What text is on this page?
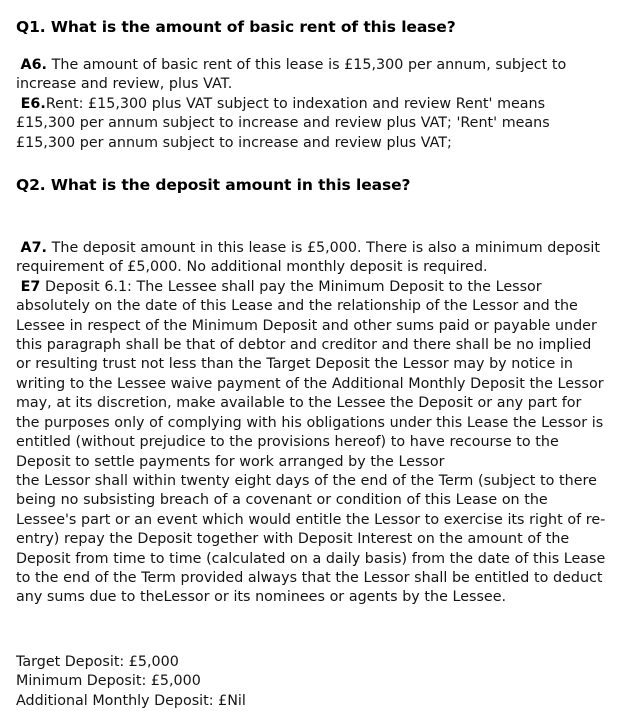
Q1. What is the amount of basic rent of this lease?

A6. The amount of basic rent of this lease is £15,300 per annum, subject to increase and review, plus VAT.
E6.Rent: £15,300 plus VAT subject to indexation and review Rent' means £15,300 per annum subject to increase and review plus VAT; 'Rent' means £15,300 per annum subject to increase and review plus VAT;

Q2. What is the deposit amount in this lease?

A7. The deposit amount in this lease is £5,000. There is also a minimum deposit requirement of £5,000. No additional monthly deposit is required.
E7 Deposit 6.1: The Lessee shall pay the Minimum Deposit to the Lessor absolutely on the date of this Lease and the relationship of the Lessor and the Lessee in respect of the Minimum Deposit and other sums paid or payable under this paragraph shall be that of debtor and creditor and there shall be no implied or resulting trust not less than the Target Deposit the Lessor may by notice in writing to the Lessee waive payment of the Additional Monthly Deposit the Lessor may, at its discretion, make available to the Lessee the Deposit or any part for the purposes only of complying with his obligations under this Lease the Lessor is entitled (without prejudice to the provisions hereof) to have recourse to the Deposit to settle payments for work arranged by the Lessor
the Lessor shall within twenty eight days of the end of the Term (subject to there being no subsisting breach of a covenant or condition of this Lease on the Lessee's part or an event which would entitle the Lessor to exercise its right of re-entry) repay the Deposit together with Deposit Interest on the amount of the Deposit from time to time (calculated on a daily basis) from the date of this Lease to the end of the Term provided always that the Lessor shall be entitled to deduct any sums due to theLessor or its nominees or agents by the Lessee.

Target Deposit: £5,000
Minimum Deposit: £5,000
Additional Monthly Deposit: £Nil
